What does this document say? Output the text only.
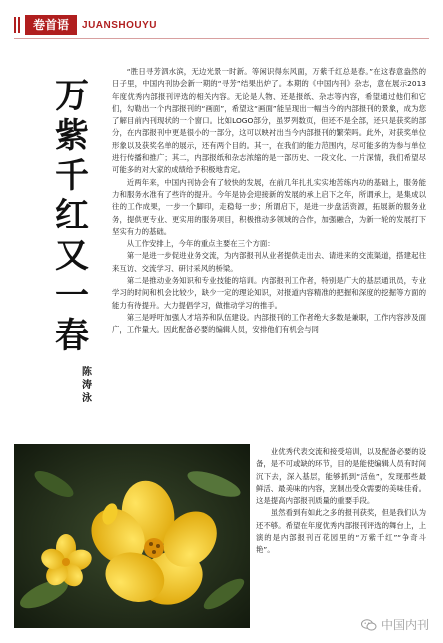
卷首语	JUANSHOUYU
万
紫
千
红
又
一
春
陈
涛
泳

“胜日寻芳泗水滨，无边光景一时新。等闲识得东风面，万紫千红总是春。”在这春意盎然的日子里，中国内刊协会新一期的“寻芳”结果出炉了。本期的《中国内刊》杂志，意在展示2013年度优秀内部报刊评选的相关内容。无论是人物、还是报纸、杂志等内容，希望通过他们和它们，勾勒出一个内部报刊的“画面”，希望这“画面”能呈现出一幅当今的内部报刊的景象，成为您了解目前内刊现状的一个窗口。比如LOGO部分，虽罗列数页，但还不是全部，还只是获奖的部分，在内部报刊中更是很小的一部分，这可以映衬出当今内部报刊的繁荣吗。此外，对获奖单位形象以及获奖名单的展示，还有两个目的。其一，在我们的能力范围内，尽可能多的为参与单位进行传播和推广；其二，内部报纸和杂志浓缩的是一部历史、一段文化、一片深情，我们希望尽可能多的对大家的成绩给予积极地肯定。

近两年来，中国内刊协会有了较快的发展，在前几年扎扎实实地苦练内功的基础上，服务能力和服务水准有了些许的提升。今年是协会迎接新的发展的承上启下之年，所谓承上，是集成以往的工作成果，一步一个脚印，走稳每一步；所谓启下，是进一步盘活资源，拓展新的服务业务，提供更专业、更实用的服务项目，积极推动多领域的合作，加强融合，为新一轮的发展打下坚实有力的基础。

从工作安排上，今年的重点主要在三个方面：

第一是进一步促进业务交流，为内部报刊从业者提供走出去、请进来的交流渠道，搭建起往来互访、交流学习、研讨采风的桥梁。

第二是推动业务知识和专业技能的培训。内部报刊工作者，特别是广大的基层通讯员，专业学习的时间和机会比较少，缺少一定的理论知识，对报道内容精准的把握和深度的挖掘等方面的能力有待提升。大力提倡学习，做推动学习的推手。

第三是呼吁加强人才培养和队伍建设。内部报刊的工作者绝大多数是兼职，工作内容涉及面广，工作量大。因此配备必要的编辑人员，安排他们有机会与同

业优秀代表交流和接受培训，以及配备必要的设备，是不可或缺的环节，目的是能使编辑人员有时间沉下去，深入基层，能够抓到“活鱼”，发现那些最鲜活、最美味的内容，烹制出受众需要的美味佳肴。这是提高内部报刊质量的重要手段。

虽然看到有如此之多的报刊获奖，但是我们认为还不够。希望在年度优秀内部报刊评选的舞台上，上演的是内部报刊百花园里的“万紫千红”“争奇斗艳”。

中国内刊
